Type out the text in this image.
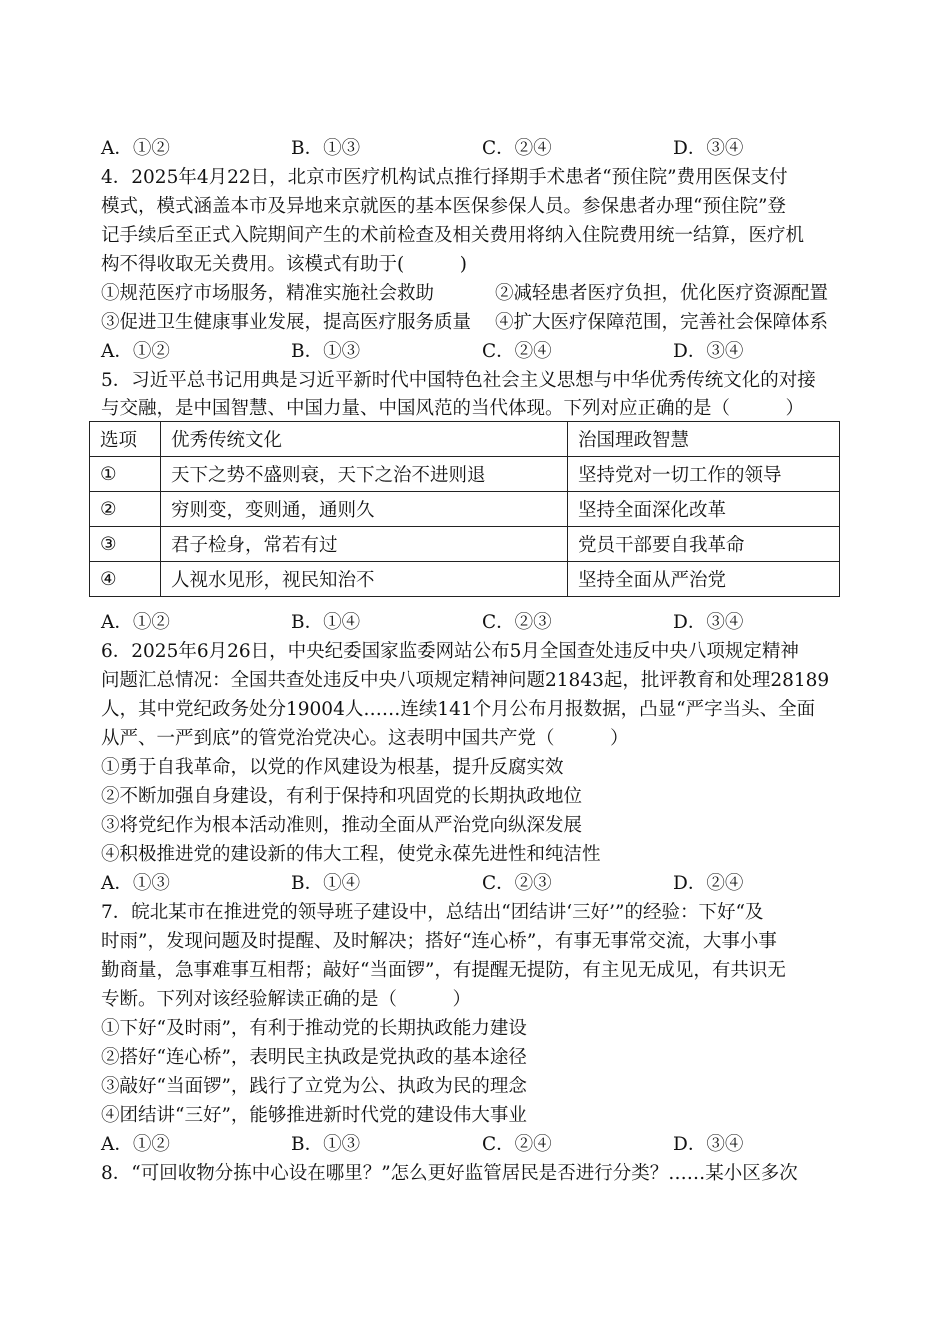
A．①②	B．①③	C．②④	D．③④
4．2025年4月22日，北京市医疗机构试点推行择期手术患者“预住院”费用医保支付
模式，模式涵盖本市及异地来京就医的基本医保参保人员。参保患者办理“预住院”登
记手续后至正式入院期间产生的术前检查及相关费用将纳入住院费用统一结算，医疗机
构不得收取无关费用。该模式有助于(　　　)
①规范医疗市场服务，精准实施社会救助	②减轻患者医疗负担，优化医疗资源配置
③促进卫生健康事业发展，提高医疗服务质量 ④扩大医疗保障范围，完善社会保障体系
A．①②	B．①③	C．②④	D．③④
5．习近平总书记用典是习近平新时代中国特色社会主义思想与中华优秀传统文化的对接
与交融，是中国智慧、中国力量、中国风范的当代体现。下列对应正确的是（　　　）
选项	优秀传统文化	治国理政智慧
①	天下之势不盛则衰，天下之治不进则退	坚持党对一切工作的领导
②	穷则变，变则通，通则久	坚持全面深化改革
③	君子检身，常若有过	党员干部要自我革命
④	人视水见形，视民知治不	坚持全面从严治党
A．①②	B．①④	C．②③	D．③④
6．2025年6月26日，中央纪委国家监委网站公布5月全国查处违反中央八项规定精神
问题汇总情况：全国共查处违反中央八项规定精神问题21843起，批评教育和处理28189
人，其中党纪政务处分19004人……连续141个月公布月报数据，凸显“严字当头、全面
从严、一严到底”的管党治党决心。这表明中国共产党（　　　）
①勇于自我革命，以党的作风建设为根基，提升反腐实效
②不断加强自身建设，有利于保持和巩固党的长期执政地位
③将党纪作为根本活动准则，推动全面从严治党向纵深发展
④积极推进党的建设新的伟大工程，使党永葆先进性和纯洁性
A．①③	B．①④	C．②③	D．②④
7．皖北某市在推进党的领导班子建设中，总结出“团结讲‘三好’”的经验：下好“及
时雨”，发现问题及时提醒、及时解决；搭好“连心桥”，有事无事常交流，大事小事
勤商量，急事难事互相帮；敲好“当面锣”，有提醒无提防，有主见无成见，有共识无
专断。下列对该经验解读正确的是（　　　）
①下好“及时雨”，有利于推动党的长期执政能力建设
②搭好“连心桥”，表明民主执政是党执政的基本途径
③敲好“当面锣”，践行了立党为公、执政为民的理念
④团结讲“三好”，能够推进新时代党的建设伟大事业
A．①②	B．①③	C．②④	D．③④
8．“可回收物分拣中心设在哪里？”怎么更好监管居民是否进行分类？……某小区多次
